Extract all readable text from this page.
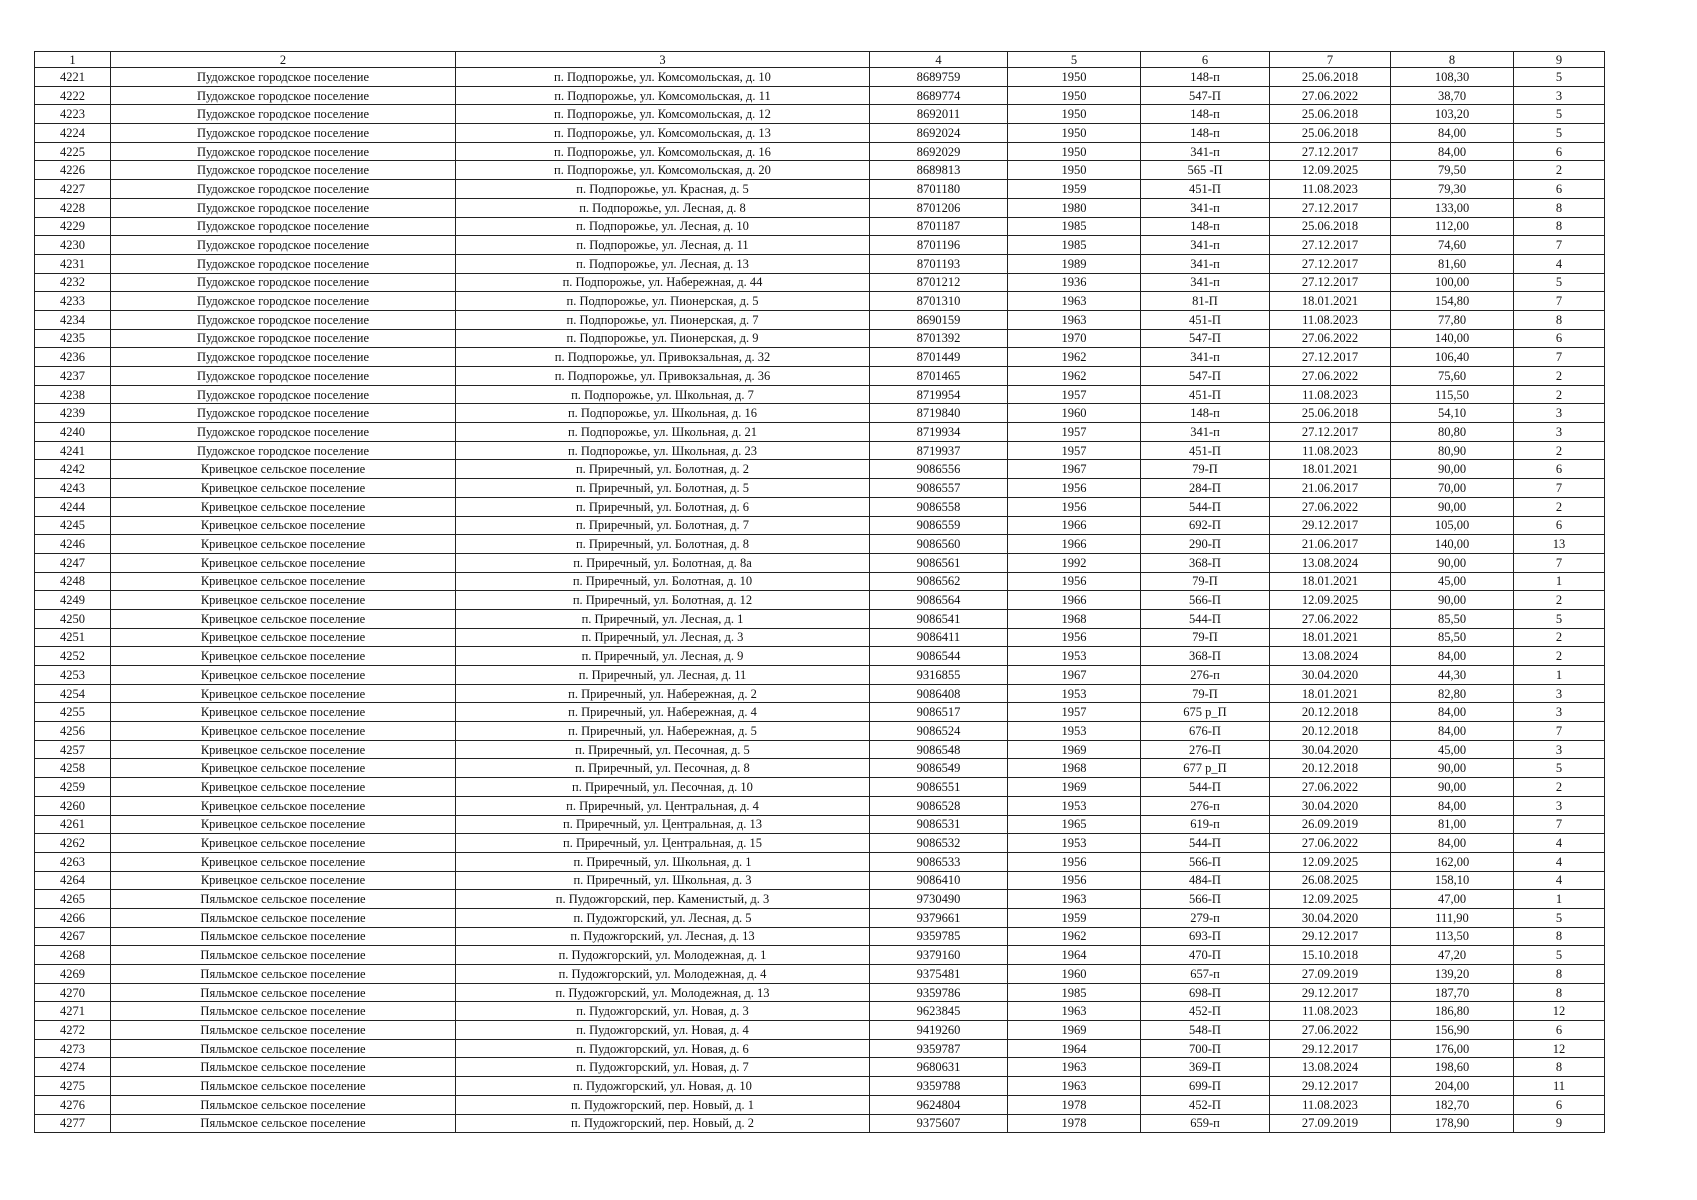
1	2	3	4	5	6	7	8	9
4221	Пудожское городское поселение	п. Подпорожье, ул. Комсомольская, д. 10	8689759	1950	148-п	25.06.2018	108,30	5
4222	Пудожское городское поселение	п. Подпорожье, ул. Комсомольская, д. 11	8689774	1950	547-П	27.06.2022	38,70	3
4223	Пудожское городское поселение	п. Подпорожье, ул. Комсомольская, д. 12	8692011	1950	148-п	25.06.2018	103,20	5
4224	Пудожское городское поселение	п. Подпорожье, ул. Комсомольская, д. 13	8692024	1950	148-п	25.06.2018	84,00	5
4225	Пудожское городское поселение	п. Подпорожье, ул. Комсомольская, д. 16	8692029	1950	341-п	27.12.2017	84,00	6
4226	Пудожское городское поселение	п. Подпорожье, ул. Комсомольская, д. 20	8689813	1950	565 -П	12.09.2025	79,50	2
4227	Пудожское городское поселение	п. Подпорожье, ул. Красная, д. 5	8701180	1959	451-П	11.08.2023	79,30	6
4228	Пудожское городское поселение	п. Подпорожье, ул. Лесная, д. 8	8701206	1980	341-п	27.12.2017	133,00	8
4229	Пудожское городское поселение	п. Подпорожье, ул. Лесная, д. 10	8701187	1985	148-п	25.06.2018	112,00	8
4230	Пудожское городское поселение	п. Подпорожье, ул. Лесная, д. 11	8701196	1985	341-п	27.12.2017	74,60	7
4231	Пудожское городское поселение	п. Подпорожье, ул. Лесная, д. 13	8701193	1989	341-п	27.12.2017	81,60	4
4232	Пудожское городское поселение	п. Подпорожье, ул. Набережная, д. 44	8701212	1936	341-п	27.12.2017	100,00	5
4233	Пудожское городское поселение	п. Подпорожье, ул. Пионерская, д. 5	8701310	1963	81-П	18.01.2021	154,80	7
4234	Пудожское городское поселение	п. Подпорожье, ул. Пионерская, д. 7	8690159	1963	451-П	11.08.2023	77,80	8
4235	Пудожское городское поселение	п. Подпорожье, ул. Пионерская, д. 9	8701392	1970	547-П	27.06.2022	140,00	6
4236	Пудожское городское поселение	п. Подпорожье, ул. Привокзальная, д. 32	8701449	1962	341-п	27.12.2017	106,40	7
4237	Пудожское городское поселение	п. Подпорожье, ул. Привокзальная, д. 36	8701465	1962	547-П	27.06.2022	75,60	2
4238	Пудожское городское поселение	п. Подпорожье, ул. Школьная, д. 7	8719954	1957	451-П	11.08.2023	115,50	2
4239	Пудожское городское поселение	п. Подпорожье, ул. Школьная, д. 16	8719840	1960	148-п	25.06.2018	54,10	3
4240	Пудожское городское поселение	п. Подпорожье, ул. Школьная, д. 21	8719934	1957	341-п	27.12.2017	80,80	3
4241	Пудожское городское поселение	п. Подпорожье, ул. Школьная, д. 23	8719937	1957	451-П	11.08.2023	80,90	2
4242	Кривецкое сельское поселение	п. Приречный, ул. Болотная, д. 2	9086556	1967	79-П	18.01.2021	90,00	6
4243	Кривецкое сельское поселение	п. Приречный, ул. Болотная, д. 5	9086557	1956	284-П	21.06.2017	70,00	7
4244	Кривецкое сельское поселение	п. Приречный, ул. Болотная, д. 6	9086558	1956	544-П	27.06.2022	90,00	2
4245	Кривецкое сельское поселение	п. Приречный, ул. Болотная, д. 7	9086559	1966	692-П	29.12.2017	105,00	6
4246	Кривецкое сельское поселение	п. Приречный, ул. Болотная, д. 8	9086560	1966	290-П	21.06.2017	140,00	13
4247	Кривецкое сельское поселение	п. Приречный, ул. Болотная, д. 8а	9086561	1992	368-П	13.08.2024	90,00	7
4248	Кривецкое сельское поселение	п. Приречный, ул. Болотная, д. 10	9086562	1956	79-П	18.01.2021	45,00	1
4249	Кривецкое сельское поселение	п. Приречный, ул. Болотная, д. 12	9086564	1966	566-П	12.09.2025	90,00	2
4250	Кривецкое сельское поселение	п. Приречный, ул. Лесная, д. 1	9086541	1968	544-П	27.06.2022	85,50	5
4251	Кривецкое сельское поселение	п. Приречный, ул. Лесная, д. 3	9086411	1956	79-П	18.01.2021	85,50	2
4252	Кривецкое сельское поселение	п. Приречный, ул. Лесная, д. 9	9086544	1953	368-П	13.08.2024	84,00	2
4253	Кривецкое сельское поселение	п. Приречный, ул. Лесная, д. 11	9316855	1967	276-п	30.04.2020	44,30	1
4254	Кривецкое сельское поселение	п. Приречный, ул. Набережная, д. 2	9086408	1953	79-П	18.01.2021	82,80	3
4255	Кривецкое сельское поселение	п. Приречный, ул. Набережная, д. 4	9086517	1957	675 р_П	20.12.2018	84,00	3
4256	Кривецкое сельское поселение	п. Приречный, ул. Набережная, д. 5	9086524	1953	676-П	20.12.2018	84,00	7
4257	Кривецкое сельское поселение	п. Приречный, ул. Песочная, д. 5	9086548	1969	276-П	30.04.2020	45,00	3
4258	Кривецкое сельское поселение	п. Приречный, ул. Песочная, д. 8	9086549	1968	677 р_П	20.12.2018	90,00	5
4259	Кривецкое сельское поселение	п. Приречный, ул. Песочная, д. 10	9086551	1969	544-П	27.06.2022	90,00	2
4260	Кривецкое сельское поселение	п. Приречный, ул. Центральная, д. 4	9086528	1953	276-п	30.04.2020	84,00	3
4261	Кривецкое сельское поселение	п. Приречный, ул. Центральная, д. 13	9086531	1965	619-п	26.09.2019	81,00	7
4262	Кривецкое сельское поселение	п. Приречный, ул. Центральная, д. 15	9086532	1953	544-П	27.06.2022	84,00	4
4263	Кривецкое сельское поселение	п. Приречный, ул. Школьная, д. 1	9086533	1956	566-П	12.09.2025	162,00	4
4264	Кривецкое сельское поселение	п. Приречный, ул. Школьная, д. 3	9086410	1956	484-П	26.08.2025	158,10	4
4265	Пяльмское сельское поселение	п. Пудожгорский, пер. Каменистый, д. 3	9730490	1963	566-П	12.09.2025	47,00	1
4266	Пяльмское сельское поселение	п. Пудожгорский, ул. Лесная, д. 5	9379661	1959	279-п	30.04.2020	111,90	5
4267	Пяльмское сельское поселение	п. Пудожгорский, ул. Лесная, д. 13	9359785	1962	693-П	29.12.2017	113,50	8
4268	Пяльмское сельское поселение	п. Пудожгорский, ул. Молодежная, д. 1	9379160	1964	470-П	15.10.2018	47,20	5
4269	Пяльмское сельское поселение	п. Пудожгорский, ул. Молодежная, д. 4	9375481	1960	657-п	27.09.2019	139,20	8
4270	Пяльмское сельское поселение	п. Пудожгорский, ул. Молодежная, д. 13	9359786	1985	698-П	29.12.2017	187,70	8
4271	Пяльмское сельское поселение	п. Пудожгорский, ул. Новая, д. 3	9623845	1963	452-П	11.08.2023	186,80	12
4272	Пяльмское сельское поселение	п. Пудожгорский, ул. Новая, д. 4	9419260	1969	548-П	27.06.2022	156,90	6
4273	Пяльмское сельское поселение	п. Пудожгорский, ул. Новая, д. 6	9359787	1964	700-П	29.12.2017	176,00	12
4274	Пяльмское сельское поселение	п. Пудожгорский, ул. Новая, д. 7	9680631	1963	369-П	13.08.2024	198,60	8
4275	Пяльмское сельское поселение	п. Пудожгорский, ул. Новая, д. 10	9359788	1963	699-П	29.12.2017	204,00	11
4276	Пяльмское сельское поселение	п. Пудожгорский, пер. Новый, д. 1	9624804	1978	452-П	11.08.2023	182,70	6
4277	Пяльмское сельское поселение	п. Пудожгорский, пер. Новый, д. 2	9375607	1978	659-п	27.09.2019	178,90	9
